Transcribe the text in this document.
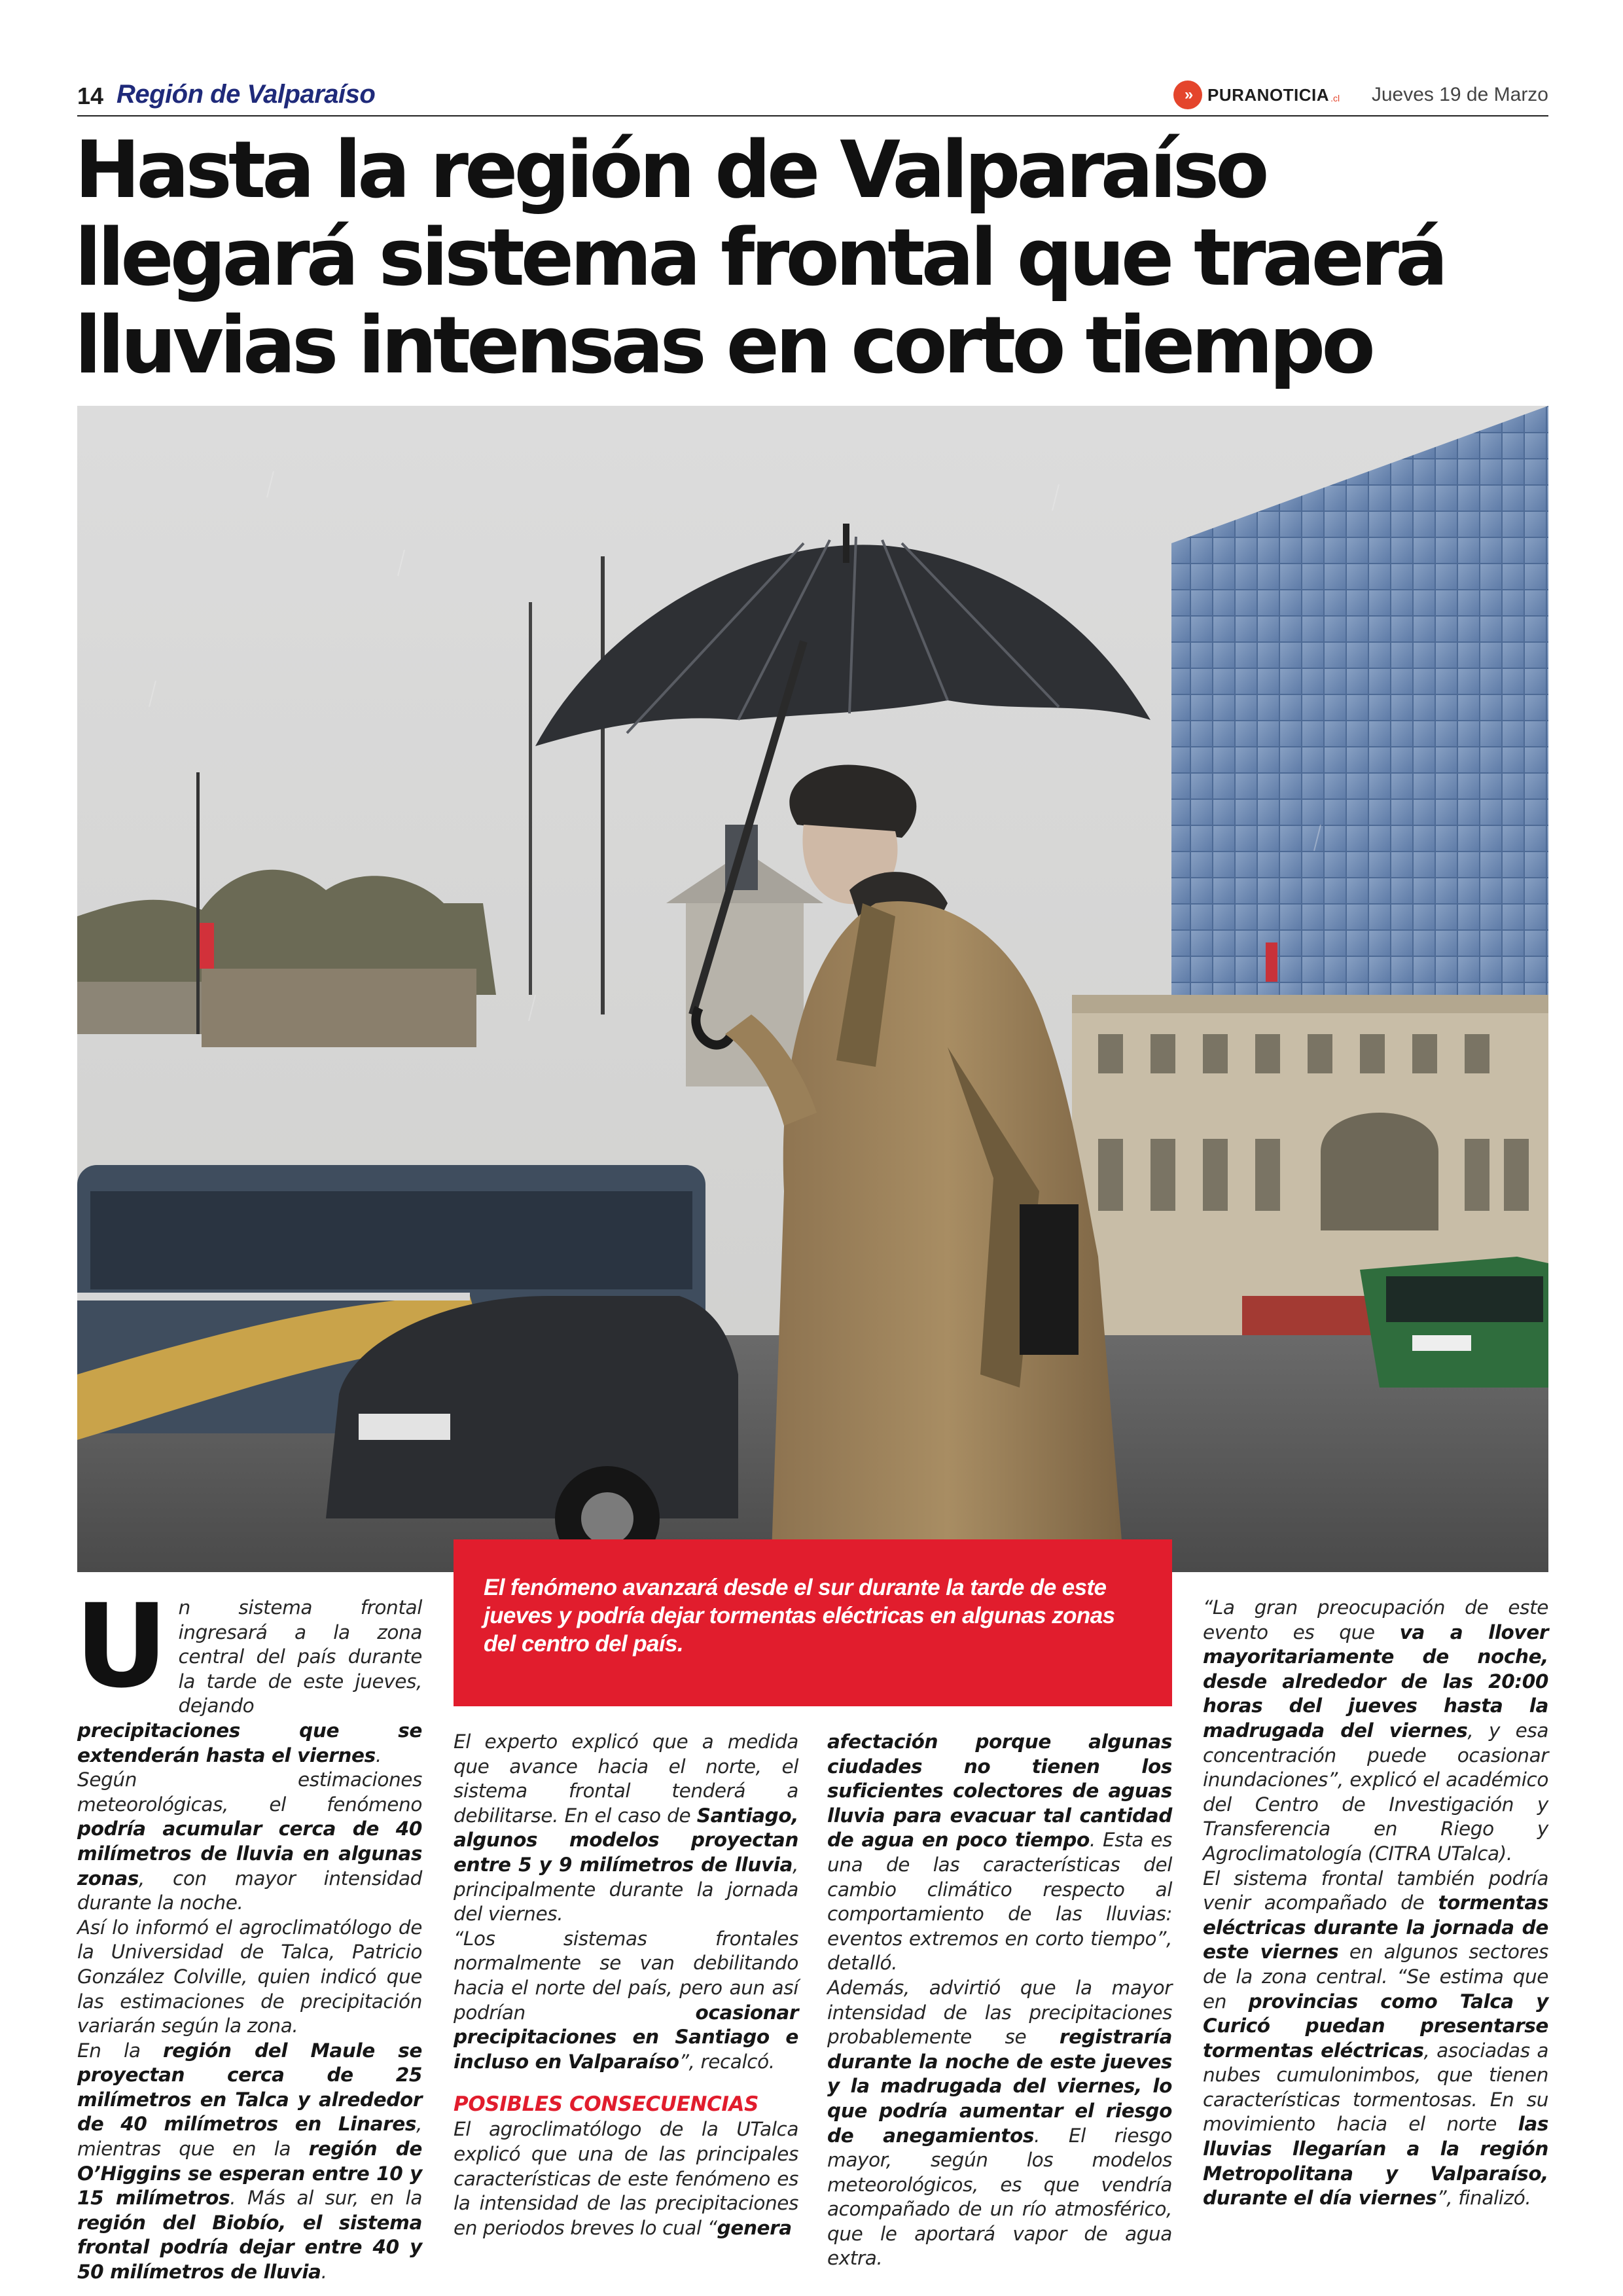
14 Región de Valparaíso	» PURANOTICIA .cl Jueves 19 de Marzo
Hasta la región de Valparaíso llegará sistema frontal que traerá lluvias intensas en corto tiempo

El fenómeno avanzará desde el sur durante la tarde de este jueves y podría dejar tormentas eléctricas en algunas zonas del centro del país.

U n sistema frontal ingresará a la zona central del país durante la tarde de este jueves, dejando precipitaciones que se extenderán hasta el viernes.

Según estimaciones meteorológicas, el fenómeno podría acumular cerca de 40 milímetros de lluvia en algunas zonas, con mayor intensidad durante la noche.

Así lo informó el agroclimatólogo de la Universidad de Talca, Patricio González Colville, quien indicó que las estimaciones de precipitación variarán según la zona.

En la región del Maule se proyectan cerca de 25 milímetros en Talca y alrededor de 40 milímetros en Linares, mientras que en la región de O’Higgins se esperan entre 10 y 15 milímetros. Más al sur, en la región del Biobío, el sistema frontal podría dejar entre 40 y 50 milímetros de lluvia.

El experto explicó que a medida que avance hacia el norte, el sistema frontal tenderá a debilitarse. En el caso de Santiago, algunos modelos proyectan entre 5 y 9 milímetros de lluvia, principalmente durante la jornada del viernes.

“Los sistemas frontales normalmente se van debilitando hacia el norte del país, pero aun así podrían ocasionar precipitaciones en Santiago e incluso en Valparaíso”, recalcó.

POSIBLES CONSECUENCIAS

El agroclimatólogo de la UTalca explicó que una de las principales características de este fenómeno es la intensidad de las precipitaciones en periodos breves lo cual “genera

afectación porque algunas ciudades no tienen los suficientes colectores de aguas lluvia para evacuar tal cantidad de agua en poco tiempo. Esta es una de las características del cambio climático respecto al comportamiento de las lluvias: eventos extremos en corto tiempo”, detalló.

Además, advirtió que la mayor intensidad de las precipitaciones probablemente se registraría durante la noche de este jueves y la madrugada del viernes, lo que podría aumentar el riesgo de anegamientos. El riesgo mayor, según los modelos meteorológicos, es que vendría acompañado de un río atmosférico, que le aportará vapor de agua extra.

“La gran preocupación de este evento es que va a llover mayoritariamente de noche, desde alrededor de las 20:00 horas del jueves hasta la madrugada del viernes, y esa concentración puede ocasionar inundaciones”, explicó el académico del Centro de Investigación y Transferencia en Riego y Agroclimatología (CITRA UTalca).

El sistema frontal también podría venir acompañado de tormentas eléctricas durante la jornada de este viernes en algunos sectores de la zona central. “Se estima que en provincias como Talca y Curicó puedan presentarse tormentas eléctricas, asociadas a nubes cumulonimbos, que tienen características tormentosas. En su movimiento hacia el norte las lluvias llegarían a la región Metropolitana y Valparaíso, durante el día viernes”, finalizó.
